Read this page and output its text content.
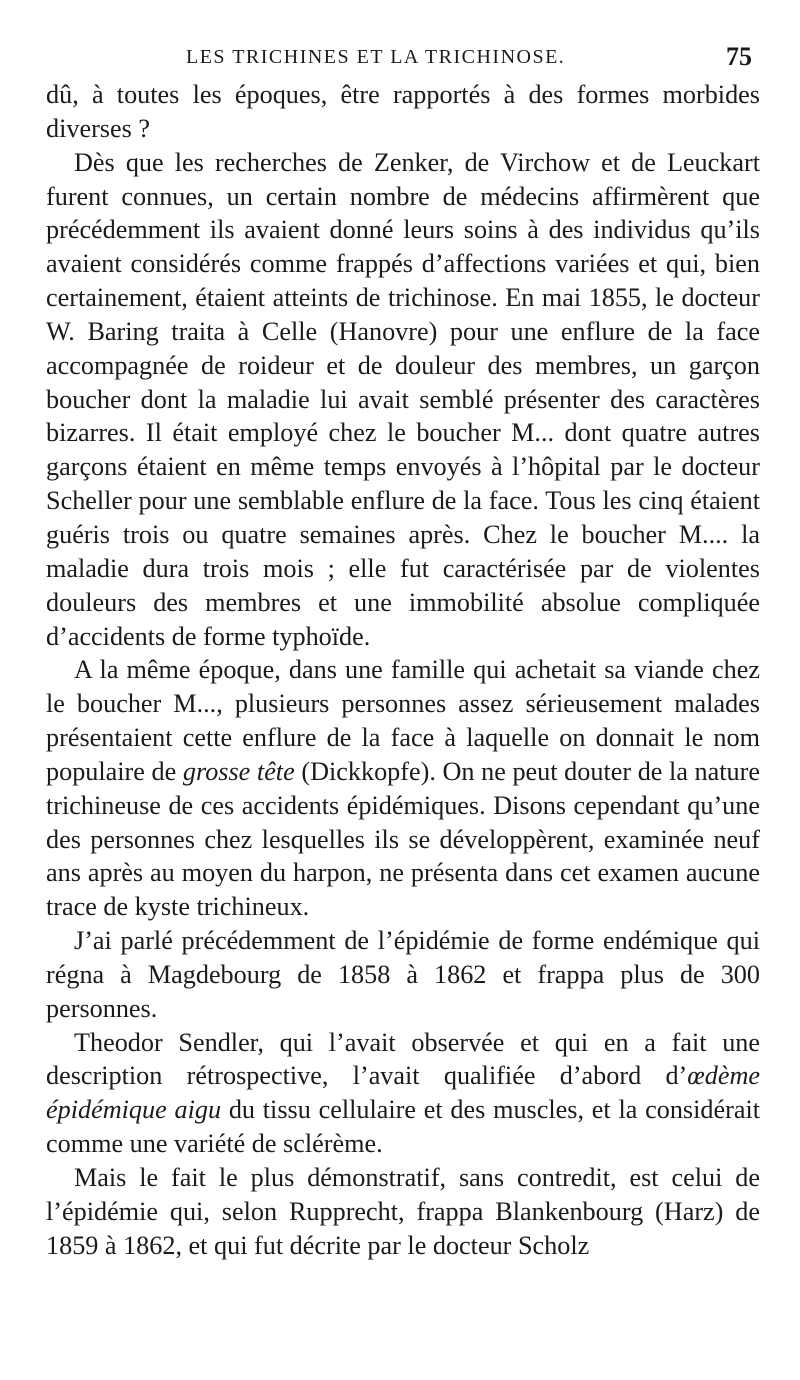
LES TRICHINES ET LA TRICHINOSE.	75

dû, à toutes les époques, être rapportés à des formes morbides diverses ?

Dès que les recherches de Zenker, de Virchow et de Leuckart furent connues, un certain nombre de médecins affirmèrent que précédemment ils avaient donné leurs soins à des individus qu’ils avaient considérés comme frappés d’affections variées et qui, bien certainement, étaient atteints de trichinose. En mai 1855, le docteur W. Baring traita à Celle (Hanovre) pour une enflure de la face accompagnée de roideur et de douleur des membres, un garçon boucher dont la maladie lui avait semblé présenter des caractères bizarres. Il était employé chez le boucher M... dont quatre autres garçons étaient en même temps envoyés à l’hôpital par le docteur Scheller pour une semblable enflure de la face. Tous les cinq étaient guéris trois ou quatre semaines après. Chez le boucher M.... la maladie dura trois mois ; elle fut caractérisée par de violentes douleurs des membres et une immobilité absolue compliquée d’accidents de forme typhoïde.

A la même époque, dans une famille qui achetait sa viande chez le boucher M..., plusieurs personnes assez sérieusement malades présentaient cette enflure de la face à laquelle on donnait le nom populaire de grosse tête (Dickkopfe). On ne peut douter de la nature trichineuse de ces accidents épidémiques. Disons cependant qu’une des personnes chez lesquelles ils se développèrent, examinée neuf ans après au moyen du harpon, ne présenta dans cet examen aucune trace de kyste trichineux.

J’ai parlé précédemment de l’épidémie de forme endémique qui régna à Magdebourg de 1858 à 1862 et frappa plus de 300 personnes.

Theodor Sendler, qui l’avait observée et qui en a fait une description rétrospective, l’avait qualifiée d’abord d’œdème épidémique aigu du tissu cellulaire et des muscles, et la considérait comme une variété de sclérème.

Mais le fait le plus démonstratif, sans contredit, est celui de l’épidémie qui, selon Rupprecht, frappa Blankenbourg (Harz) de 1859 à 1862, et qui fut décrite par le docteur Scholz
